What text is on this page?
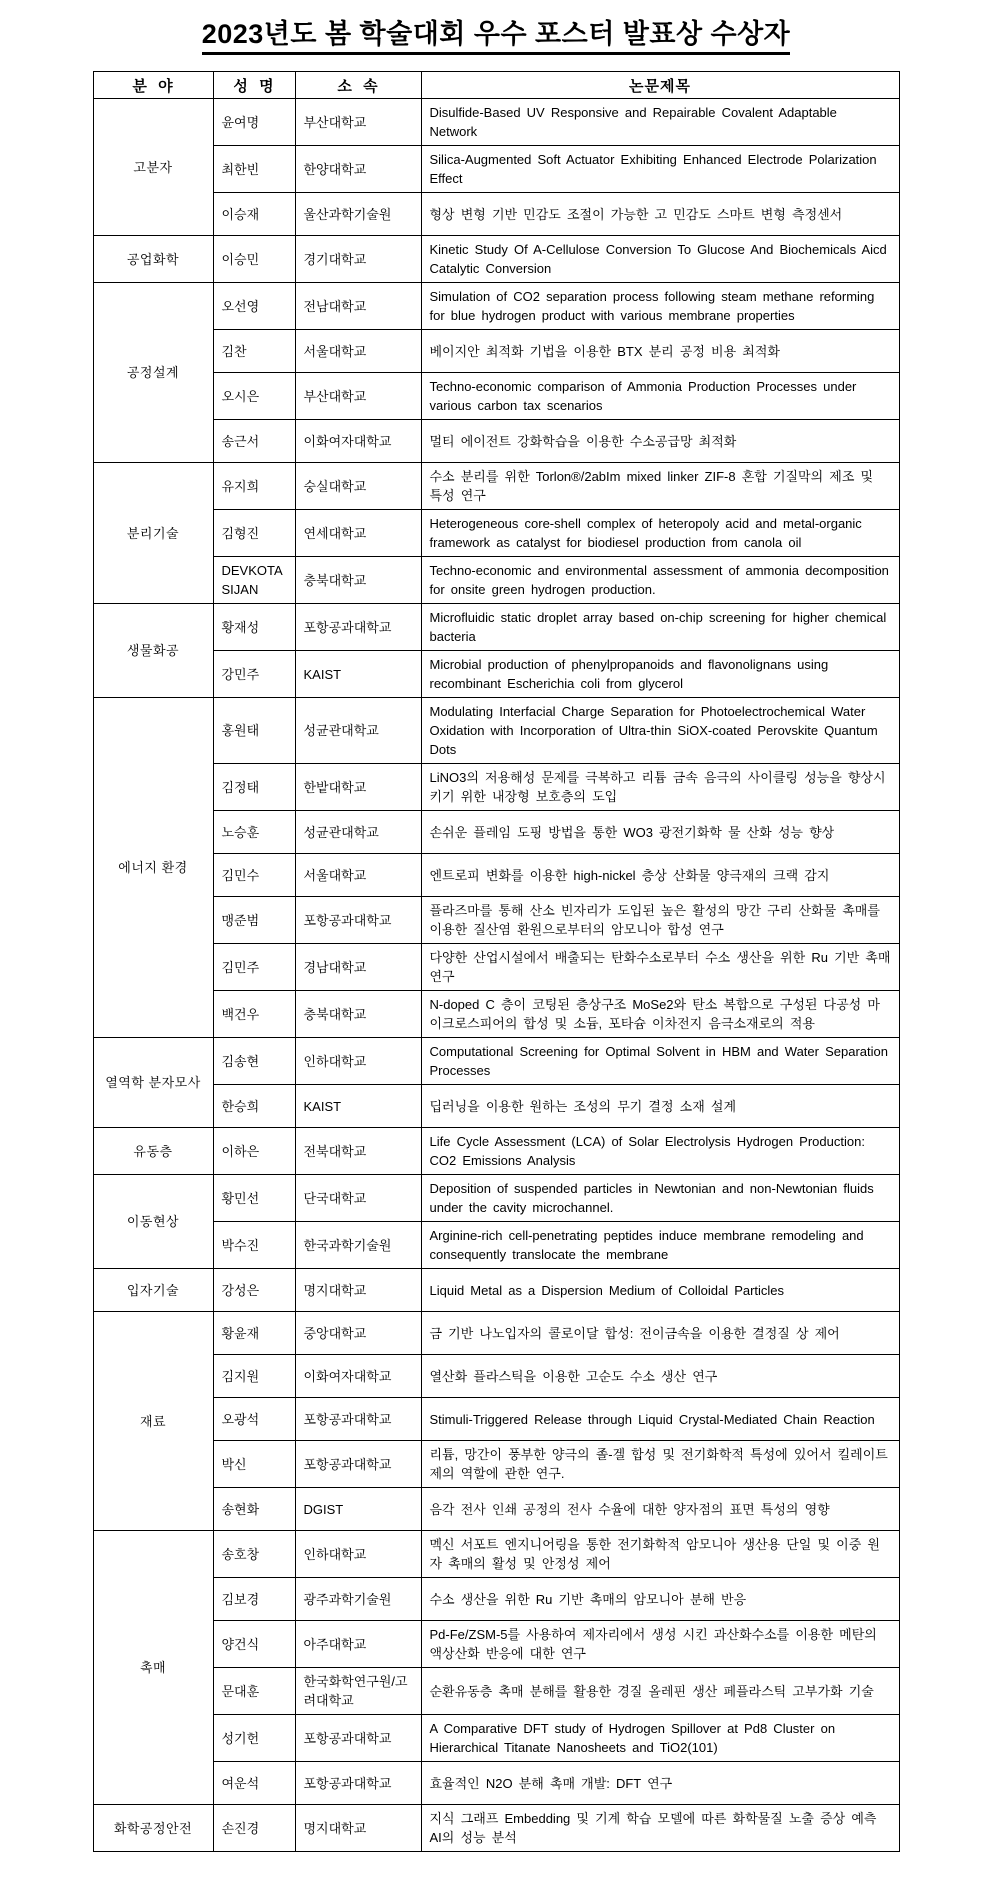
2023년도 봄 학술대회 우수 포스터 발표상 수상자
분  야	성  명	소  속	논문제목
고분자	윤여명	부산대학교	Disulfide-Based UV Responsive and Repairable Covalent Adaptable Network
	최한빈	한양대학교	Silica-Augmented Soft Actuator Exhibiting Enhanced Electrode Polarization Effect
	이승재	울산과학기술원	형상 변형 기반 민감도 조절이 가능한 고 민감도 스마트 변형 측정센서
공업화학	이승민	경기대학교	Kinetic Study Of A-Cellulose Conversion To Glucose And Biochemicals Aicd Catalytic Conversion
공정설계	오선영	전남대학교	Simulation of CO2 separation process following steam methane reforming for blue hydrogen product with various membrane properties
	김찬	서울대학교	베이지안 최적화 기법을 이용한 BTX 분리 공정 비용 최적화
	오시은	부산대학교	Techno-economic comparison of Ammonia Production Processes under various carbon tax scenarios
	송근서	이화여자대학교	멀티 에이전트 강화학습을 이용한 수소공급망 최적화
분리기술	유지희	숭실대학교	수소 분리를 위한 Torlon®/2abIm mixed linker ZIF-8 혼합 기질막의 제조 및 특성 연구
	김형진	연세대학교	Heterogeneous core-shell complex of heteropoly acid and metal-organic framework as catalyst for biodiesel production from canola oil
	DEVKOTA SIJAN	충북대학교	Techno-economic and environmental assessment of ammonia decomposition for onsite green hydrogen production.
생물화공	황재성	포항공과대학교	Microfluidic static droplet array based on-chip screening for higher chemical bacteria
	강민주	KAIST	Microbial production of phenylpropanoids and flavonolignans using recombinant Escherichia coli from glycerol
에너지 환경	홍원태	성균관대학교	Modulating Interfacial Charge Separation for Photoelectrochemical Water Oxidation with Incorporation of Ultra-thin SiOX-coated Perovskite Quantum Dots
	김정태	한밭대학교	LiNO3의 저용해성 문제를 극복하고 리튬 금속 음극의 사이클링 성능을 향상시키기 위한 내장형 보호층의 도입
	노승훈	성균관대학교	손쉬운 플레임 도핑 방법을 통한 WO3 광전기화학 물 산화 성능 향상
	김민수	서울대학교	엔트로피 변화를 이용한 high-nickel 층상 산화물 양극재의 크랙 감지
	맹준범	포항공과대학교	플라즈마를 통해 산소 빈자리가 도입된 높은 활성의 망간 구리 산화물 촉매를 이용한 질산염 환원으로부터의 암모니아 합성 연구
	김민주	경남대학교	다양한 산업시설에서 배출되는 탄화수소로부터 수소 생산을 위한 Ru 기반 촉매 연구
	백건우	충북대학교	N-doped C 층이 코팅된 층상구조 MoSe2와 탄소 복합으로 구성된 다공성 마이크로스피어의 합성 및 소듐, 포타슘 이차전지 음극소재로의 적용
열역학 분자모사	김송현	인하대학교	Computational Screening for Optimal Solvent in HBM and Water Separation Processes
	한승희	KAIST	딥러닝을 이용한 원하는 조성의 무기 결정 소재 설계
유동층	이하은	전북대학교	Life Cycle Assessment (LCA) of Solar Electrolysis Hydrogen Production: CO2 Emissions Analysis
이동현상	황민선	단국대학교	Deposition of suspended particles in Newtonian and non-Newtonian fluids under the cavity microchannel.
	박수진	한국과학기술원	Arginine-rich cell-penetrating peptides induce membrane remodeling and consequently translocate the membrane
입자기술	강성은	명지대학교	Liquid Metal as a Dispersion Medium of Colloidal Particles
재료	황윤재	중앙대학교	금 기반 나노입자의 콜로이달 합성: 전이금속을 이용한 결정질 상 제어
	김지원	이화여자대학교	열산화 플라스틱을 이용한 고순도 수소 생산 연구
	오광석	포항공과대학교	Stimuli-Triggered Release through Liquid Crystal-Mediated Chain Reaction
	박신	포항공과대학교	리튬, 망간이 풍부한 양극의 졸-겔 합성 및 전기화학적 특성에 있어서 킬레이트제의 역할에 관한 연구.
	송현화	DGIST	음각 전사 인쇄 공정의 전사 수율에 대한 양자점의 표면 특성의 영향
촉매	송호창	인하대학교	멕신 서포트 엔지니어링을 통한 전기화학적 암모니아 생산용 단일 및 이중 원자 촉매의 활성 및 안정성 제어
	김보경	광주과학기술원	수소 생산을 위한 Ru 기반 촉매의 암모니아 분해 반응
	양건식	아주대학교	Pd-Fe/ZSM-5를 사용하여 제자리에서 생성 시킨 과산화수소를 이용한 메탄의 액상산화 반응에 대한 연구
	문대훈	한국화학연구원/고려대학교	순환유동층 촉매 분해를 활용한 경질 올레핀 생산 페플라스틱 고부가화 기술
	성기헌	포항공과대학교	A Comparative DFT study of Hydrogen Spillover at Pd8 Cluster on Hierarchical Titanate Nanosheets and TiO2(101)
	여운석	포항공과대학교	효율적인 N2O 분해 촉매 개발: DFT 연구
화학공정안전	손진경	명지대학교	지식 그래프 Embedding 및 기계 학습 모델에 따른 화학물질 노출 증상 예측 AI의 성능 분석
